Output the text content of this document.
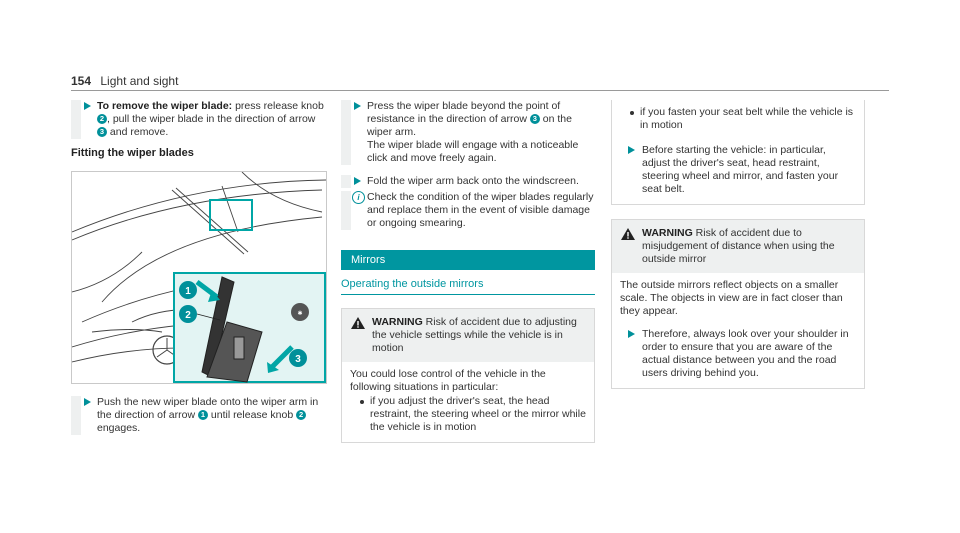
154 Light and sight
To remove the wiper blade: press release knob 2 , pull the wiper blade in the direction of arrow 3 and remove.
Fitting the wiper blades
✱
1
2
3
Push the new wiper blade onto the wiper arm in the direction of arrow 1 until release knob 2 engages.
Press the wiper blade beyond the point of resistance in the direction of arrow 3 on the wiper arm.
The wiper blade will engage with a noticeable click and move freely again.
Fold the wiper arm back onto the windscreen.
i Check the condition of the wiper blades regularly and replace them in the event of visible damage or ongoing smearing.
Mirrors
Operating the outside mirrors
WARNING Risk of accident due to adjusting the vehicle settings while the vehicle is in motion
You could lose control of the vehicle in the following situations in particular:
if you adjust the driver's seat, the head restraint, the steering wheel or the mirror while the vehicle is in motion
if you fasten your seat belt while the vehicle is in motion
Before starting the vehicle: in particular, adjust the driver's seat, head restraint, steering wheel and mirror, and fasten your seat belt.
WARNING Risk of accident due to misjudgement of distance when using the outside mirror
The outside mirrors reflect objects on a smaller scale. The objects in view are in fact closer than they appear.
Therefore, always look over your shoulder in order to ensure that you are aware of the actual distance between you and the road users driving behind you.
